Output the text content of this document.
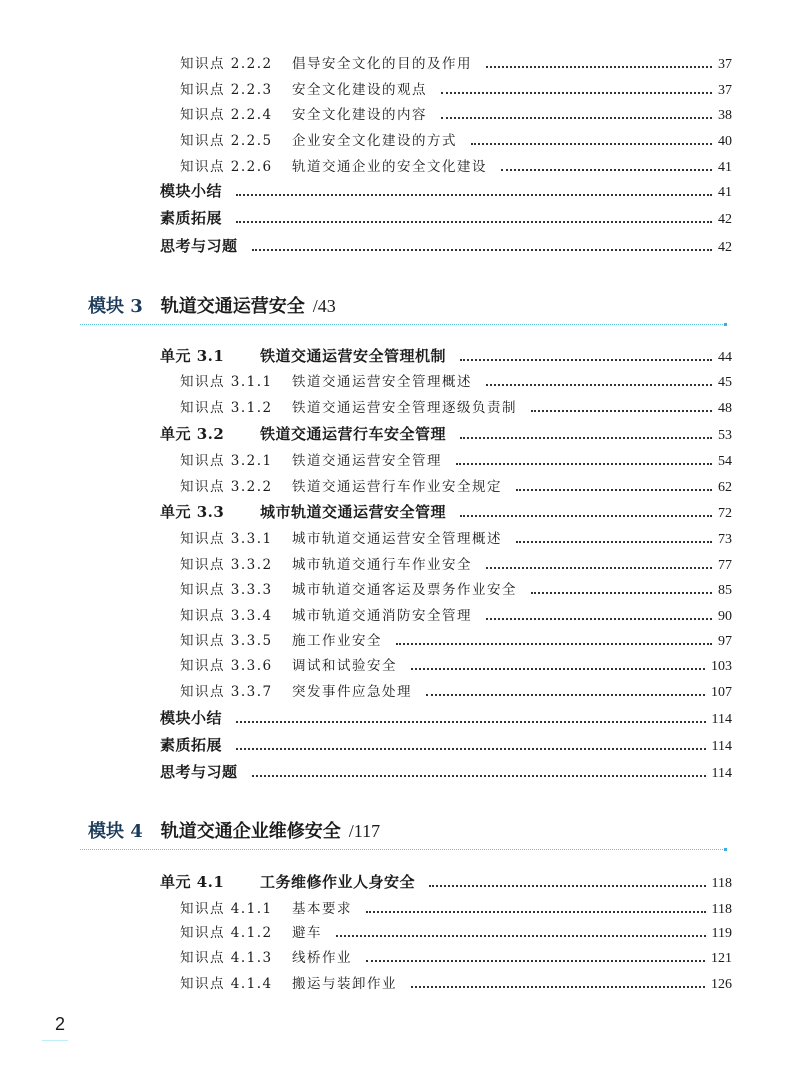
知识点 2.2.2	倡导安全文化的目的及作用	37
知识点 2.2.3	安全文化建设的观点	37
知识点 2.2.4	安全文化建设的内容	38
知识点 2.2.5	企业安全文化建设的方式	40
知识点 2.2.6	轨道交通企业的安全文化建设	41
模块小结	41
素质拓展	42
思考与习题	42
单元 3.1	铁道交通运营安全管理机制	44
知识点 3.1.1	铁道交通运营安全管理概述	45
知识点 3.1.2	铁道交通运营安全管理逐级负责制	48
单元 3.2	铁道交通运营行车安全管理	53
知识点 3.2.1	铁道交通运营安全管理	54
知识点 3.2.2	铁道交通运营行车作业安全规定	62
单元 3.3	城市轨道交通运营安全管理	72
知识点 3.3.1	城市轨道交通运营安全管理概述	73
知识点 3.3.2	城市轨道交通行车作业安全	77
知识点 3.3.3	城市轨道交通客运及票务作业安全	85
知识点 3.3.4	城市轨道交通消防安全管理	90
知识点 3.3.5	施工作业安全	97
知识点 3.3.6	调试和试验安全	103
知识点 3.3.7	突发事件应急处理	107
模块小结	114
素质拓展	114
思考与习题	114
单元 4.1	工务维修作业人身安全	118
知识点 4.1.1	基本要求	118
知识点 4.1.2	避车	119
知识点 4.1.3	线桥作业	121
知识点 4.1.4	搬运与装卸作业	126
模块 3 轨道交通运营安全 /43
模块 4 轨道交通企业维修安全 /117
2
